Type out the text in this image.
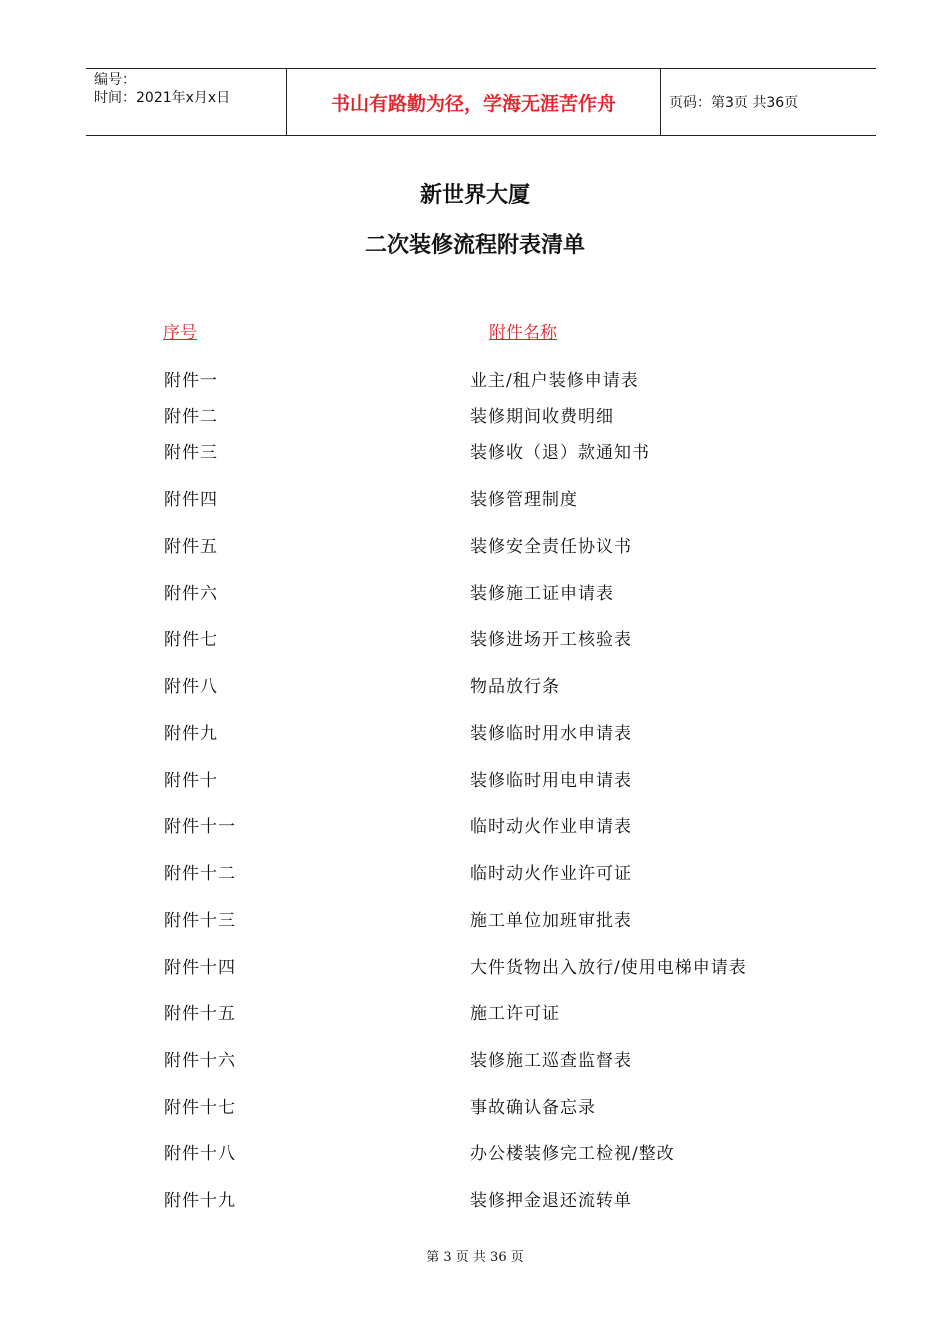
编号：
时间：2021年x月x日	书山有路勤为径，学海无涯苦作舟	页码：第3页 共36页
新世界大厦
二次装修流程附表清单
序号	附件名称
附件一	业主/租户装修申请表
附件二	装修期间收费明细
附件三	装修收（退）款通知书
附件四	装修管理制度
附件五	装修安全责任协议书
附件六	装修施工证申请表
附件七	装修进场开工核验表
附件八	物品放行条
附件九	装修临时用水申请表
附件十	装修临时用电申请表
附件十一	临时动火作业申请表
附件十二	临时动火作业许可证
附件十三	施工单位加班审批表
附件十四	大件货物出入放行/使用电梯申请表
附件十五	施工许可证
附件十六	装修施工巡查监督表
附件十七	事故确认备忘录
附件十八	办公楼装修完工检视/整改
附件十九	装修押金退还流转单
第 3 页 共 36 页
